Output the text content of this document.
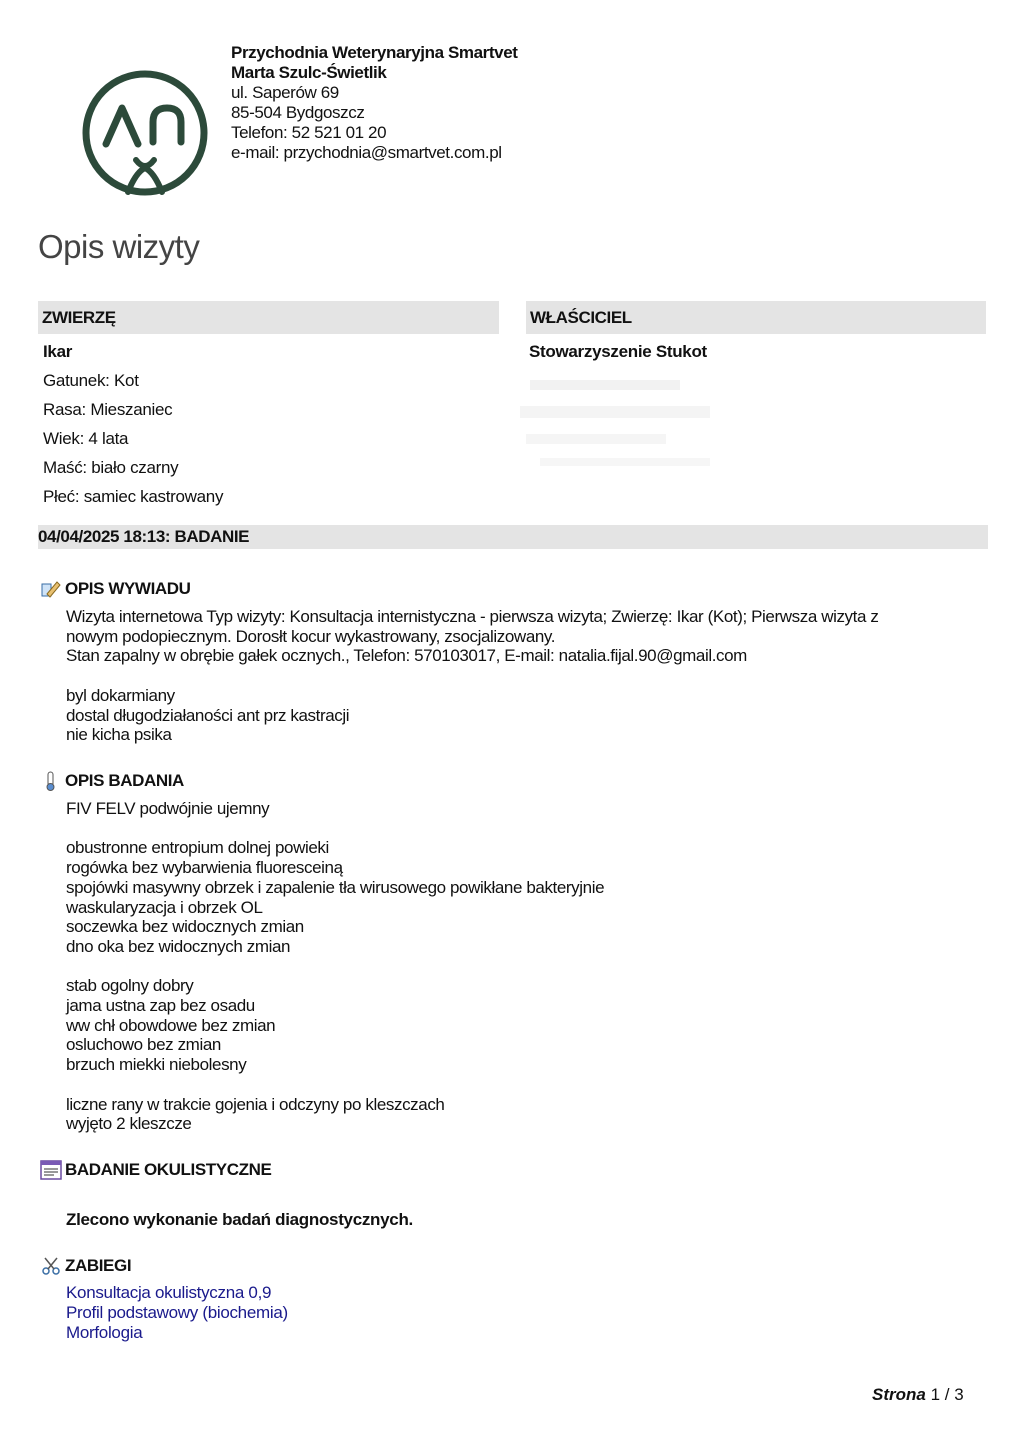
Przychodnia Weterynaryjna Smartvet
Marta Szulc-Świetlik
ul. Saperów 69
85-504 Bydgoszcz
Telefon: 52 521 01 20
e-mail: przychodnia@smartvet.com.pl
Opis wizyty
ZWIERZĘ	WŁAŚCICIEL
Ikar
Gatunek: Kot
Rasa: Mieszaniec
Wiek: 4 lata
Maść: biało czarny
Płeć: samiec kastrowany
Stowarzyszenie Stukot
04/04/2025 18:13: BADANIE
OPIS WYWIADU
Wizyta internetowa Typ wizyty: Konsultacja internistyczna - pierwsza wizyta; Zwierzę: Ikar (Kot); Pierwsza wizyta z
nowym podopiecznym. Dorosłt kocur wykastrowany, zsocjalizowany.
Stan zapalny w obrębie gałek ocznych., Telefon: 570103017, E-mail: natalia.fijal.90@gmail.com
byl dokarmiany
dostal długodziałaności ant prz kastracji
nie kicha psika
OPIS BADANIA
FIV FELV podwójnie ujemny
obustronne entropium dolnej powieki
rogówka bez wybarwienia fluoresceiną
spojówki masywny obrzek i zapalenie tła wirusowego powikłane bakteryjnie
waskularyzacja i obrzek OL
soczewka bez widocznych zmian
dno oka bez widocznych zmian
stab ogolny dobry
jama ustna zap bez osadu
ww chł obowdowe bez zmian
osluchowo bez zmian
brzuch miekki niebolesny
liczne rany w trakcie gojenia i odczyny po kleszczach
wyjęto 2 kleszcze
BADANIE OKULISTYCZNE
Zlecono wykonanie badań diagnostycznych.
ZABIEGI
Konsultacja okulistyczna 0,9
Profil podstawowy (biochemia)
Morfologia
Strona 1 / 3
